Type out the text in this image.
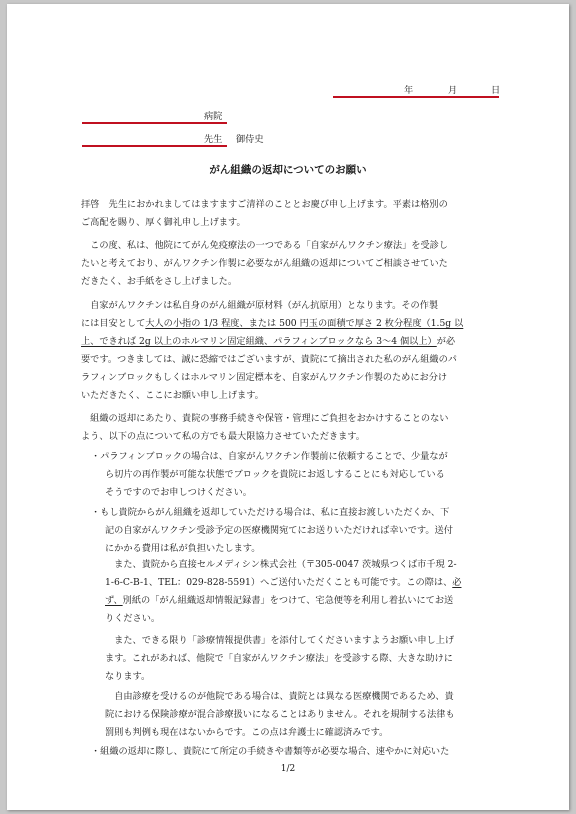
年	月	日
病院
先生 御侍史
がん組織の返却についてのお願い
拝啓　先生におかれましてはますますご清祥のこととお慶び申し上げます。平素は格別の
ご高配を賜り、厚く御礼申し上げます。
　この度、私は、他院にてがん免疫療法の一つである「自家がんワクチン療法」を受診し
たいと考えており、がんワクチン作製に必要ながん組織の返却についてご相談させていた
だきたく、お手紙をさし上げました。
　自家がんワクチンは私自身のがん組織が原材料（がん抗原用）となります。その作製
には目安として大人の小指の 1/3 程度、または 500 円玉の面積で厚さ 2 枚分程度（1.5g 以
上、できれば 2g 以上のホルマリン固定組織、パラフィンブロックなら 3～4 個以上）が必
要です。つきましては、誠に恐縮ではございますが、貴院にて摘出された私のがん組織のパ
ラフィンブロックもしくはホルマリン固定標本を、自家がんワクチン作製のためにお分け
いただきたく、ここにお願い申し上げます。
　組織の返却にあたり、貴院の事務手続きや保管・管理にご負担をおかけすることのない
よう、以下の点について私の方でも最大限協力させていただきます。
・パラフィンブロックの場合は、自家がんワクチン作製前に依頼することで、少量なが
ら切片の再作製が可能な状態でブロックを貴院にお返しすることにも対応している
そうですのでお申しつけください。
・もし貴院からがん組織を返却していただける場合は、私に直接お渡しいただくか、下
記の自家がんワクチン受診予定の医療機関宛てにお送りいただければ幸いです。送付
にかかる費用は私が負担いたします。
　また、貴院から直接セルメディシン株式会社（〒305-0047 茨城県つくば市千現 2-
1-6-C-B-1、TEL：029-828-5591）へご送付いただくことも可能です。この際は、必
ず、別紙の「がん組織返却情報記録書」をつけて、宅急便等を利用し着払いにてお送
りください。
　また、できる限り「診療情報提供書」を添付してくださいますようお願い申し上げ
ます。これがあれば、他院で「自家がんワクチン療法」を受診する際、大きな助けに
なります。
　自由診療を受けるのが他院である場合は、貴院とは異なる医療機関であるため、貴
院における保険診療が混合診療扱いになることはありません。それを規制する法律も
罰則も判例も現在はないからです。この点は弁護士に確認済みです。
・組織の返却に際し、貴院にて所定の手続きや書類等が必要な場合、速やかに対応いた
1/2
